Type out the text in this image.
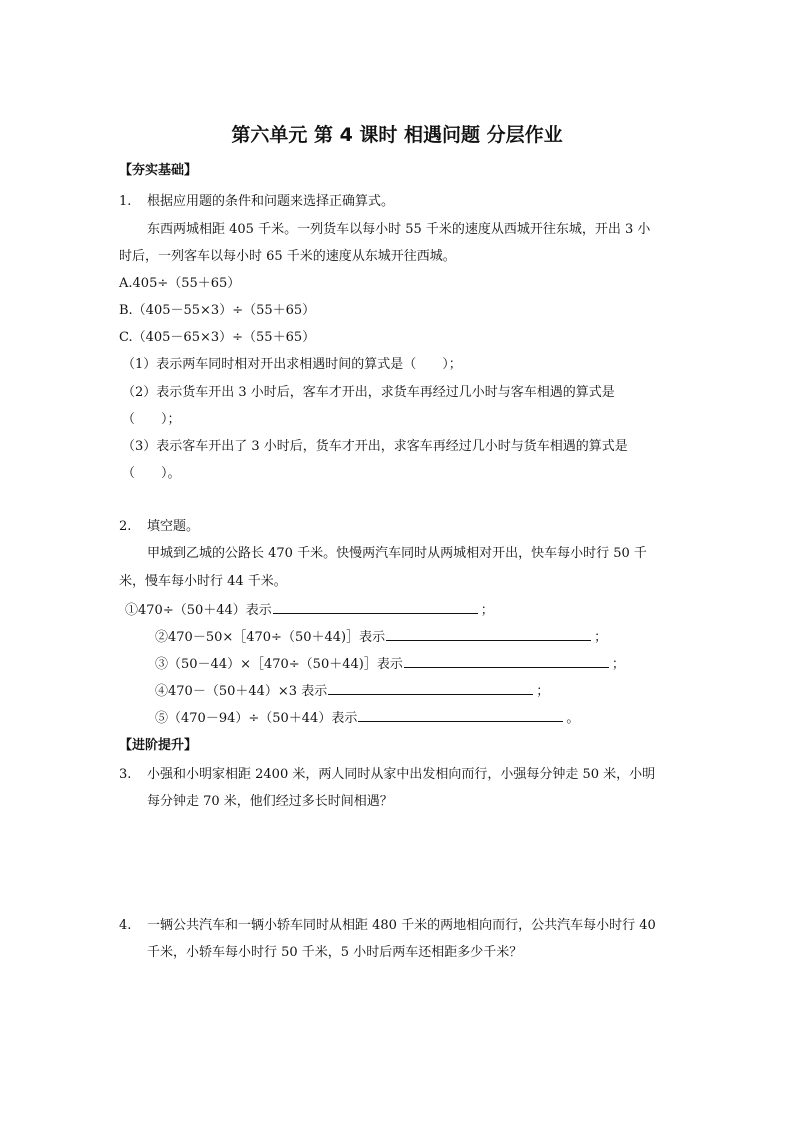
第六单元 第 4 课时 相遇问题 分层作业
【夯实基础】
1. 根据应用题的条件和问题来选择正确算式。
东西两城相距 405 千米。一列货车以每小时 55 千米的速度从西城开往东城，开出 3 小
时后，一列客车以每小时 65 千米的速度从东城开往西城。
A.405÷（55＋65）
B.（405－55×3）÷（55＋65）
C.（405－65×3）÷（55＋65）
（1）表示两车同时相对开出求相遇时间的算式是（　　）；
（2）表示货车开出 3 小时后，客车才开出，求货车再经过几小时与客车相遇的算式是
（　　）；
（3）表示客车开出了 3 小时后，货车才开出，求客车再经过几小时与货车相遇的算式是
（　　）。
2. 填空题。
甲城到乙城的公路长 470 千米。快慢两汽车同时从两城相对开出，快车每小时行 50 千
米，慢车每小时行 44 千米。
①470÷（50＋44）表示	；
②470－50×［470÷（50＋44)］表示	；
③（50－44）×［470÷（50＋44)］表示	；
④470－（50＋44）×3 表示	；
⑤（470－94）÷（50＋44）表示	。
【进阶提升】
3. 小强和小明家相距 2400 米，两人同时从家中出发相向而行，小强每分钟走 50 米，小明
每分钟走 70 米，他们经过多长时间相遇？
4. 一辆公共汽车和一辆小轿车同时从相距 480 千米的两地相向而行，公共汽车每小时行 40
千米，小轿车每小时行 50 千米，5 小时后两车还相距多少千米？
